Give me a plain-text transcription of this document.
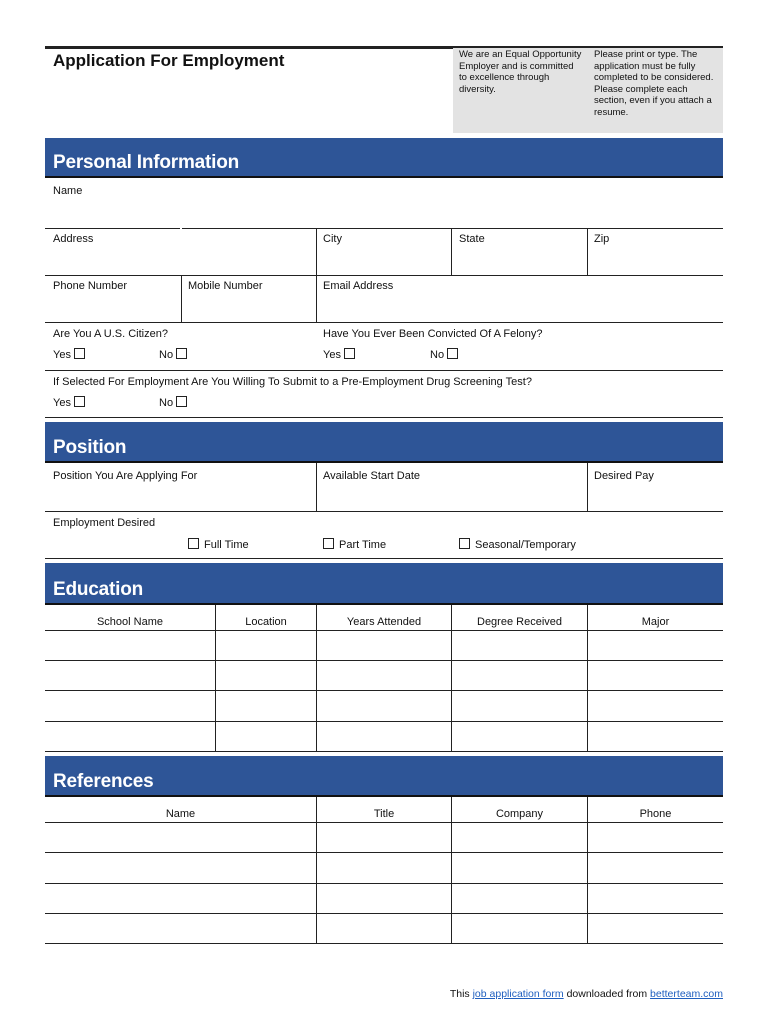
Application For Employment	We are an Equal Opportunity Employer and is committed to excellence through diversity.
Please print or type. The application must be fully completed to be considered. Please complete each section, even if you attach a resume.
Personal Information
Name
Address	City	State	Zip
Phone Number	Mobile Number	Email Address
Are You A U.S. Citizen?	Have You Ever Been Convicted Of A Felony?
Yes	No	Yes	No
If Selected For Employment Are You Willing To Submit to a Pre-Employment Drug Screening Test?
Yes	No
Position
Position You Are Applying For	Available Start Date	Desired Pay
Employment Desired
Full Time	Part Time	Seasonal/Temporary
Education
School Name	Location	Years Attended	Degree Received	Major
References
Name	Title	Company	Phone
This job application form downloaded from betterteam.com
